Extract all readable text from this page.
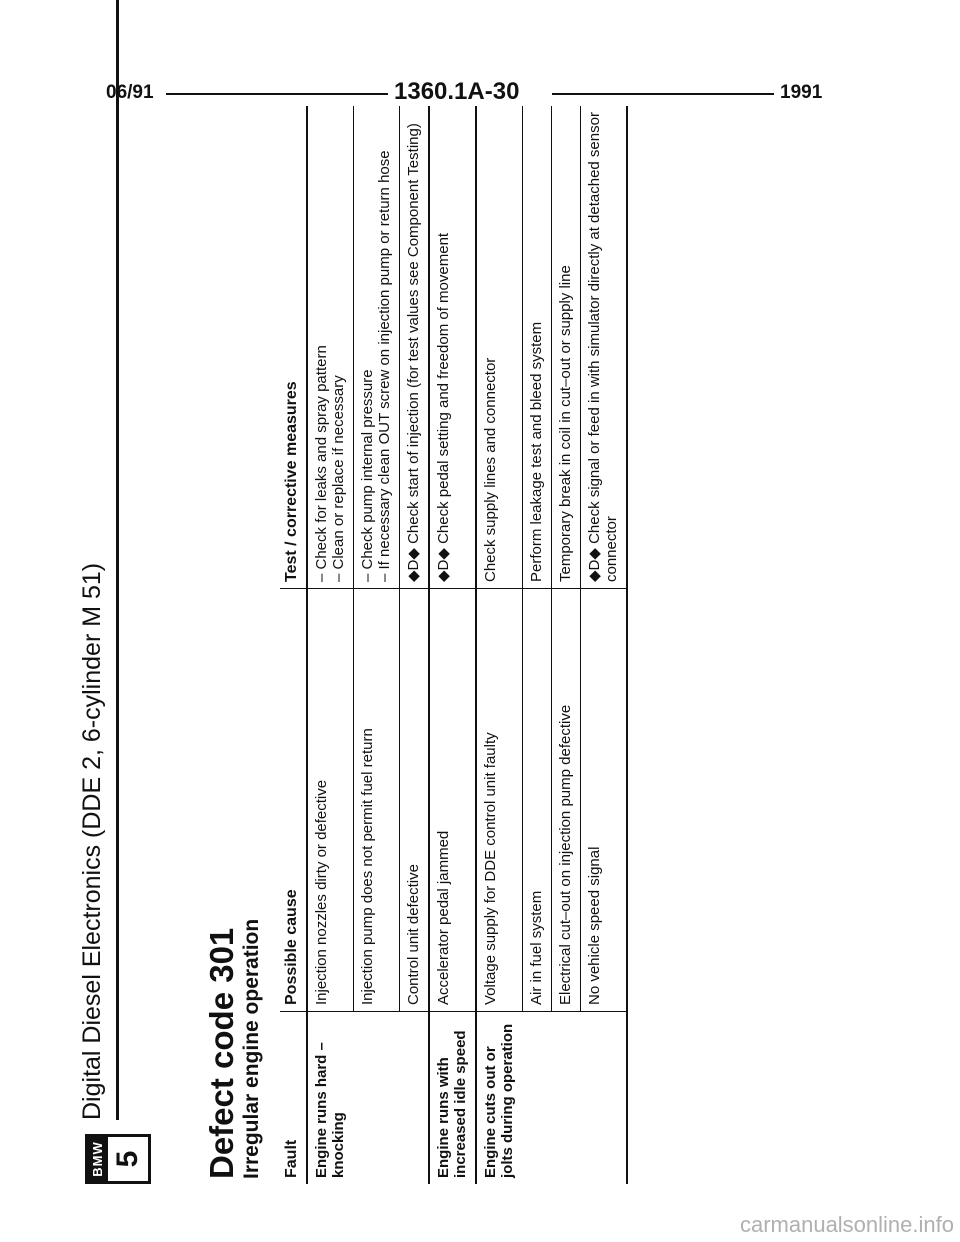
BMW 5
Digital Diesel Electronics (DDE 2, 6-cylinder M 51)	Defect code 301 Irregular engine operation Fault	Possible cause	Test / corrective measures
Engine runs hard – knocking	Injection nozzles dirty or defective	– Check for leaks and spray pattern – Clean or replace if necessary

	Injection pump does not permit fuel return	– Check pump internal pressure – If necessary clean OUT screw on injection pump or return hose

	Control unit defective	◆D◆ Check start of injection (for test values see Component Testing)

Engine runs with increased idle speed	Accelerator pedal jammed	◆D◆ Check pedal setting and freedom of movement

Engine cuts out or jolts during operation	Voltage supply for DDE control unit faulty	Check supply lines and connector

	Air in fuel system	Perform leakage test and bleed system

	Electrical cut–out on injection pump defective	Temporary break in coil in cut–out or supply line

	No vehicle speed signal	◆D◆ Check signal or feed in with simulator directly at detached sensor connector
06/91	1360.1A-30	1991
carmanualsonline.info
